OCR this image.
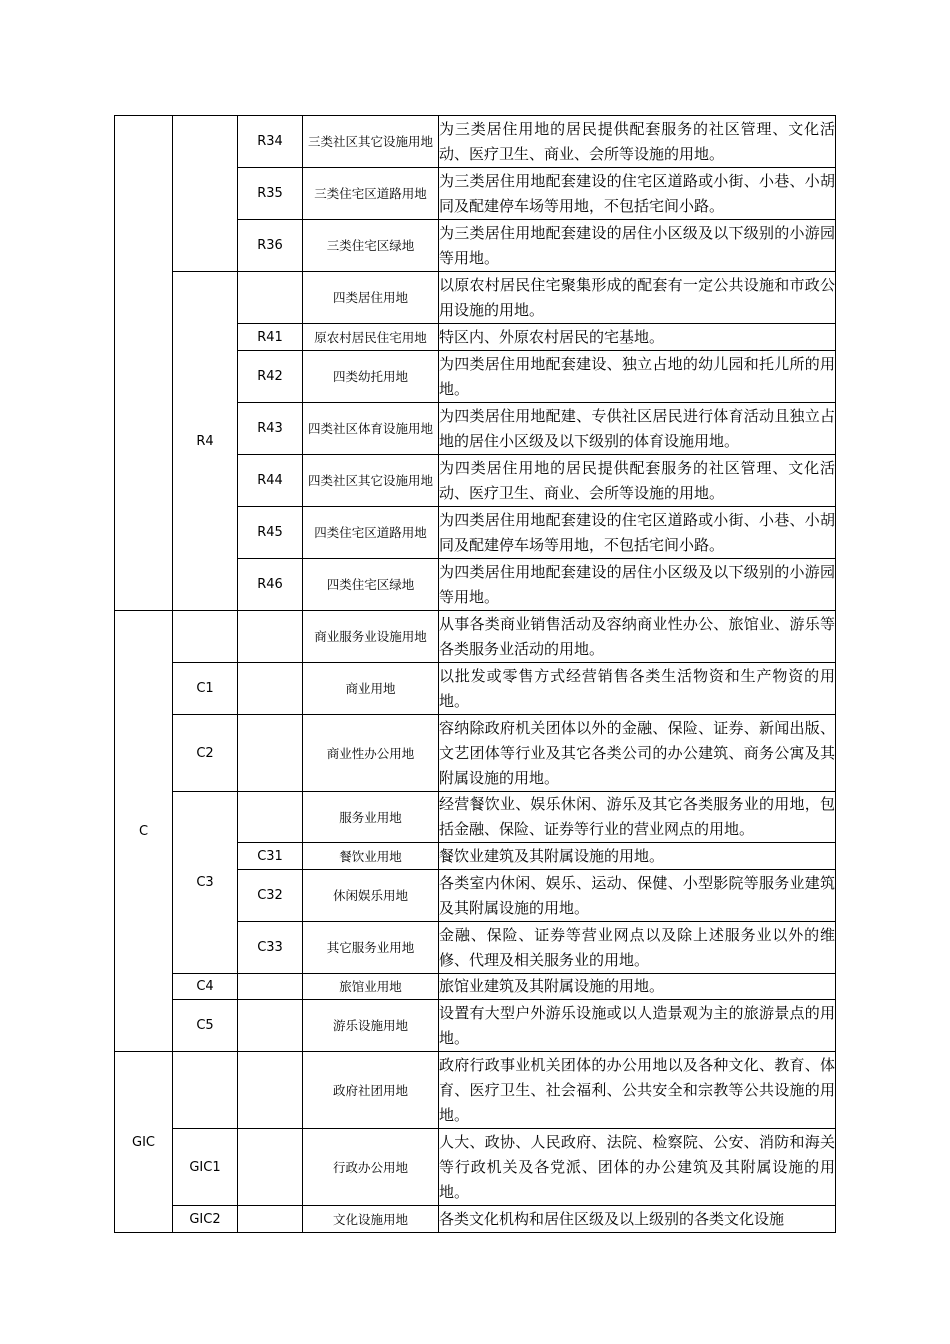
		R34	三类社区其它设施用地	为三类居住用地的居民提供配套服务的社区管理、文化活动、医疗卫生、商业、会所等设施的用地。
		R35	三类住宅区道路用地	为三类居住用地配套建设的住宅区道路或小街、小巷、小胡同及配建停车场等用地，不包括宅间小路。
		R36	三类住宅区绿地	为三类居住用地配套建设的居住小区级及以下级别的小游园等用地。
	R4		四类居住用地	以原农村居民住宅聚集形成的配套有一定公共设施和市政公用设施的用地。
		R41	原农村居民住宅用地	特区内、外原农村居民的宅基地。
		R42	四类幼托用地	为四类居住用地配套建设、独立占地的幼儿园和托儿所的用地。
		R43	四类社区体育设施用地	为四类居住用地配建、专供社区居民进行体育活动且独立占地的居住小区级及以下级别的体育设施用地。
		R44	四类社区其它设施用地	为四类居住用地的居民提供配套服务的社区管理、文化活动、医疗卫生、商业、会所等设施的用地。
		R45	四类住宅区道路用地	为四类居住用地配套建设的住宅区道路或小街、小巷、小胡同及配建停车场等用地，不包括宅间小路。
		R46	四类住宅区绿地	为四类居住用地配套建设的居住小区级及以下级别的小游园等用地。
C			商业服务业设施用地	从事各类商业销售活动及容纳商业性办公、旅馆业、游乐等各类服务业活动的用地。
	C1		商业用地	以批发或零售方式经营销售各类生活物资和生产物资的用地。
	C2		商业性办公用地	容纳除政府机关团体以外的金融、保险、证券、新闻出版、文艺团体等行业及其它各类公司的办公建筑、商务公寓及其附属设施的用地。
	C3		服务业用地	经营餐饮业、娱乐休闲、游乐及其它各类服务业的用地，包括金融、保险、证券等行业的营业网点的用地。
		C31	餐饮业用地	餐饮业建筑及其附属设施的用地。
		C32	休闲娱乐用地	各类室内休闲、娱乐、运动、保健、小型影院等服务业建筑及其附属设施的用地。
		C33	其它服务业用地	金融、保险、证券等营业网点以及除上述服务业以外的维修、代理及相关服务业的用地。
	C4		旅馆业用地	旅馆业建筑及其附属设施的用地。
	C5		游乐设施用地	设置有大型户外游乐设施或以人造景观为主的旅游景点的用地。
GIC			政府社团用地	政府行政事业机关团体的办公用地以及各种文化、教育、体育、医疗卫生、社会福利、公共安全和宗教等公共设施的用地。
	GIC1		行政办公用地	人大、政协、人民政府、法院、检察院、公安、消防和海关等行政机关及各党派、团体的办公建筑及其附属设施的用地。
	GIC2		文化设施用地	各类文化机构和居住区级及以上级别的各类文化设施
